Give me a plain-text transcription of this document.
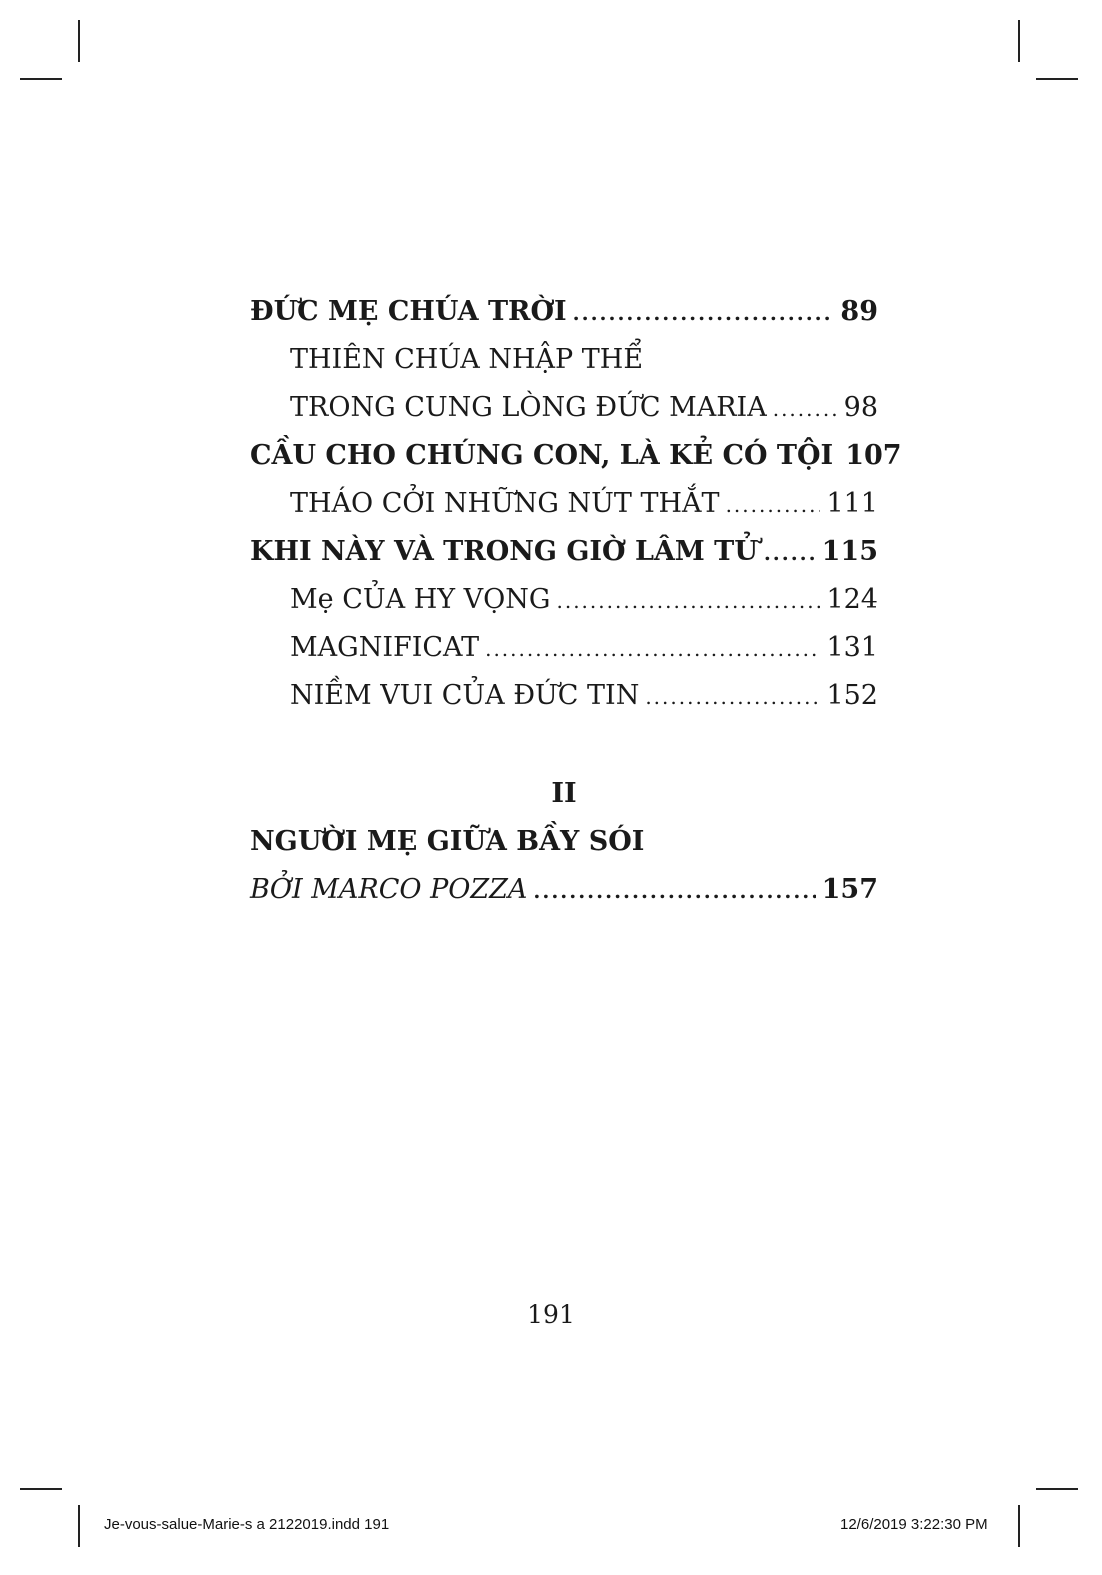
ĐỨC MẸ CHÚA TRỜI .....	89
THIÊN CHÚA NHẬP THỂ
TRONG CUNG LÒNG ĐỨC MARIA .....	98
CẦU CHO CHÚNG CON, LÀ KẺ CÓ TỘI 107
THÁO CỞI NHỮNG NÚT THẮT .....	111
KHI NÀY VÀ TRONG GIỜ LÂM TỬ ..... 115
Mẹ CỦA HY VỌNG .....	124
MAGNIFICAT .....	131
NIỀM VUI CỦA ĐỨC TIN .....	152
II
NGƯỜI MẸ GIỮA BẦY SÓI
BỞI MARCO POZZA .....	157
191
Je-vous-salue-Marie-s a 2122019.indd 191	12/6/2019 3:22:30 PM
